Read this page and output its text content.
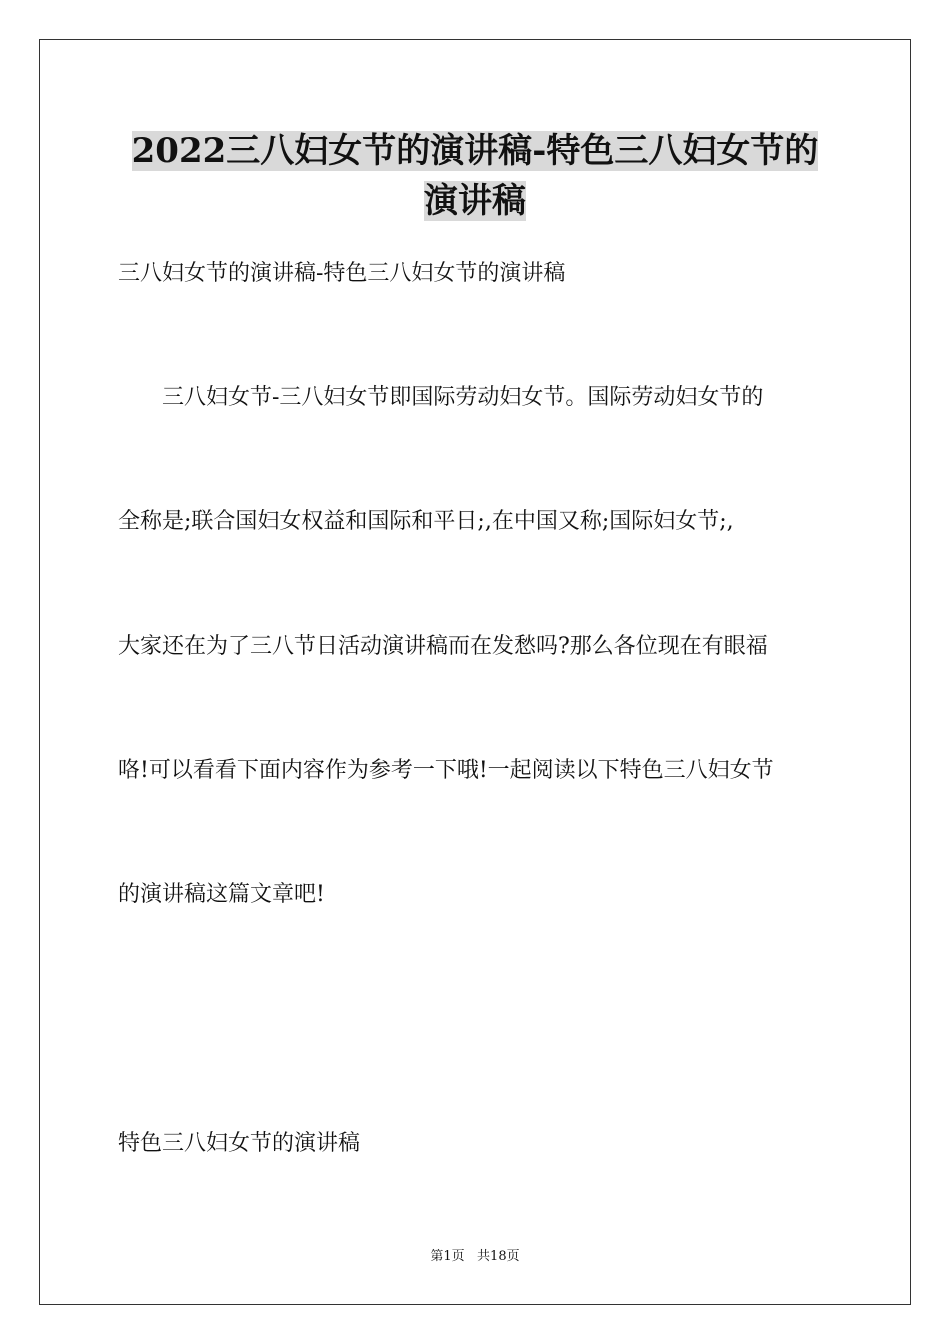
2022三八妇女节的演讲稿-特色三八妇女节的
演讲稿

三八妇女节的演讲稿-特色三八妇女节的演讲稿

三八妇女节-三八妇女节即国际劳动妇女节。国际劳动妇女节的

全称是;联合国妇女权益和国际和平日;,在中国又称;国际妇女节;,

大家还在为了三八节日活动演讲稿而在发愁吗?那么各位现在有眼福

咯!可以看看下面内容作为参考一下哦!一起阅读以下特色三八妇女节

的演讲稿这篇文章吧!

特色三八妇女节的演讲稿

第1页   共18页
